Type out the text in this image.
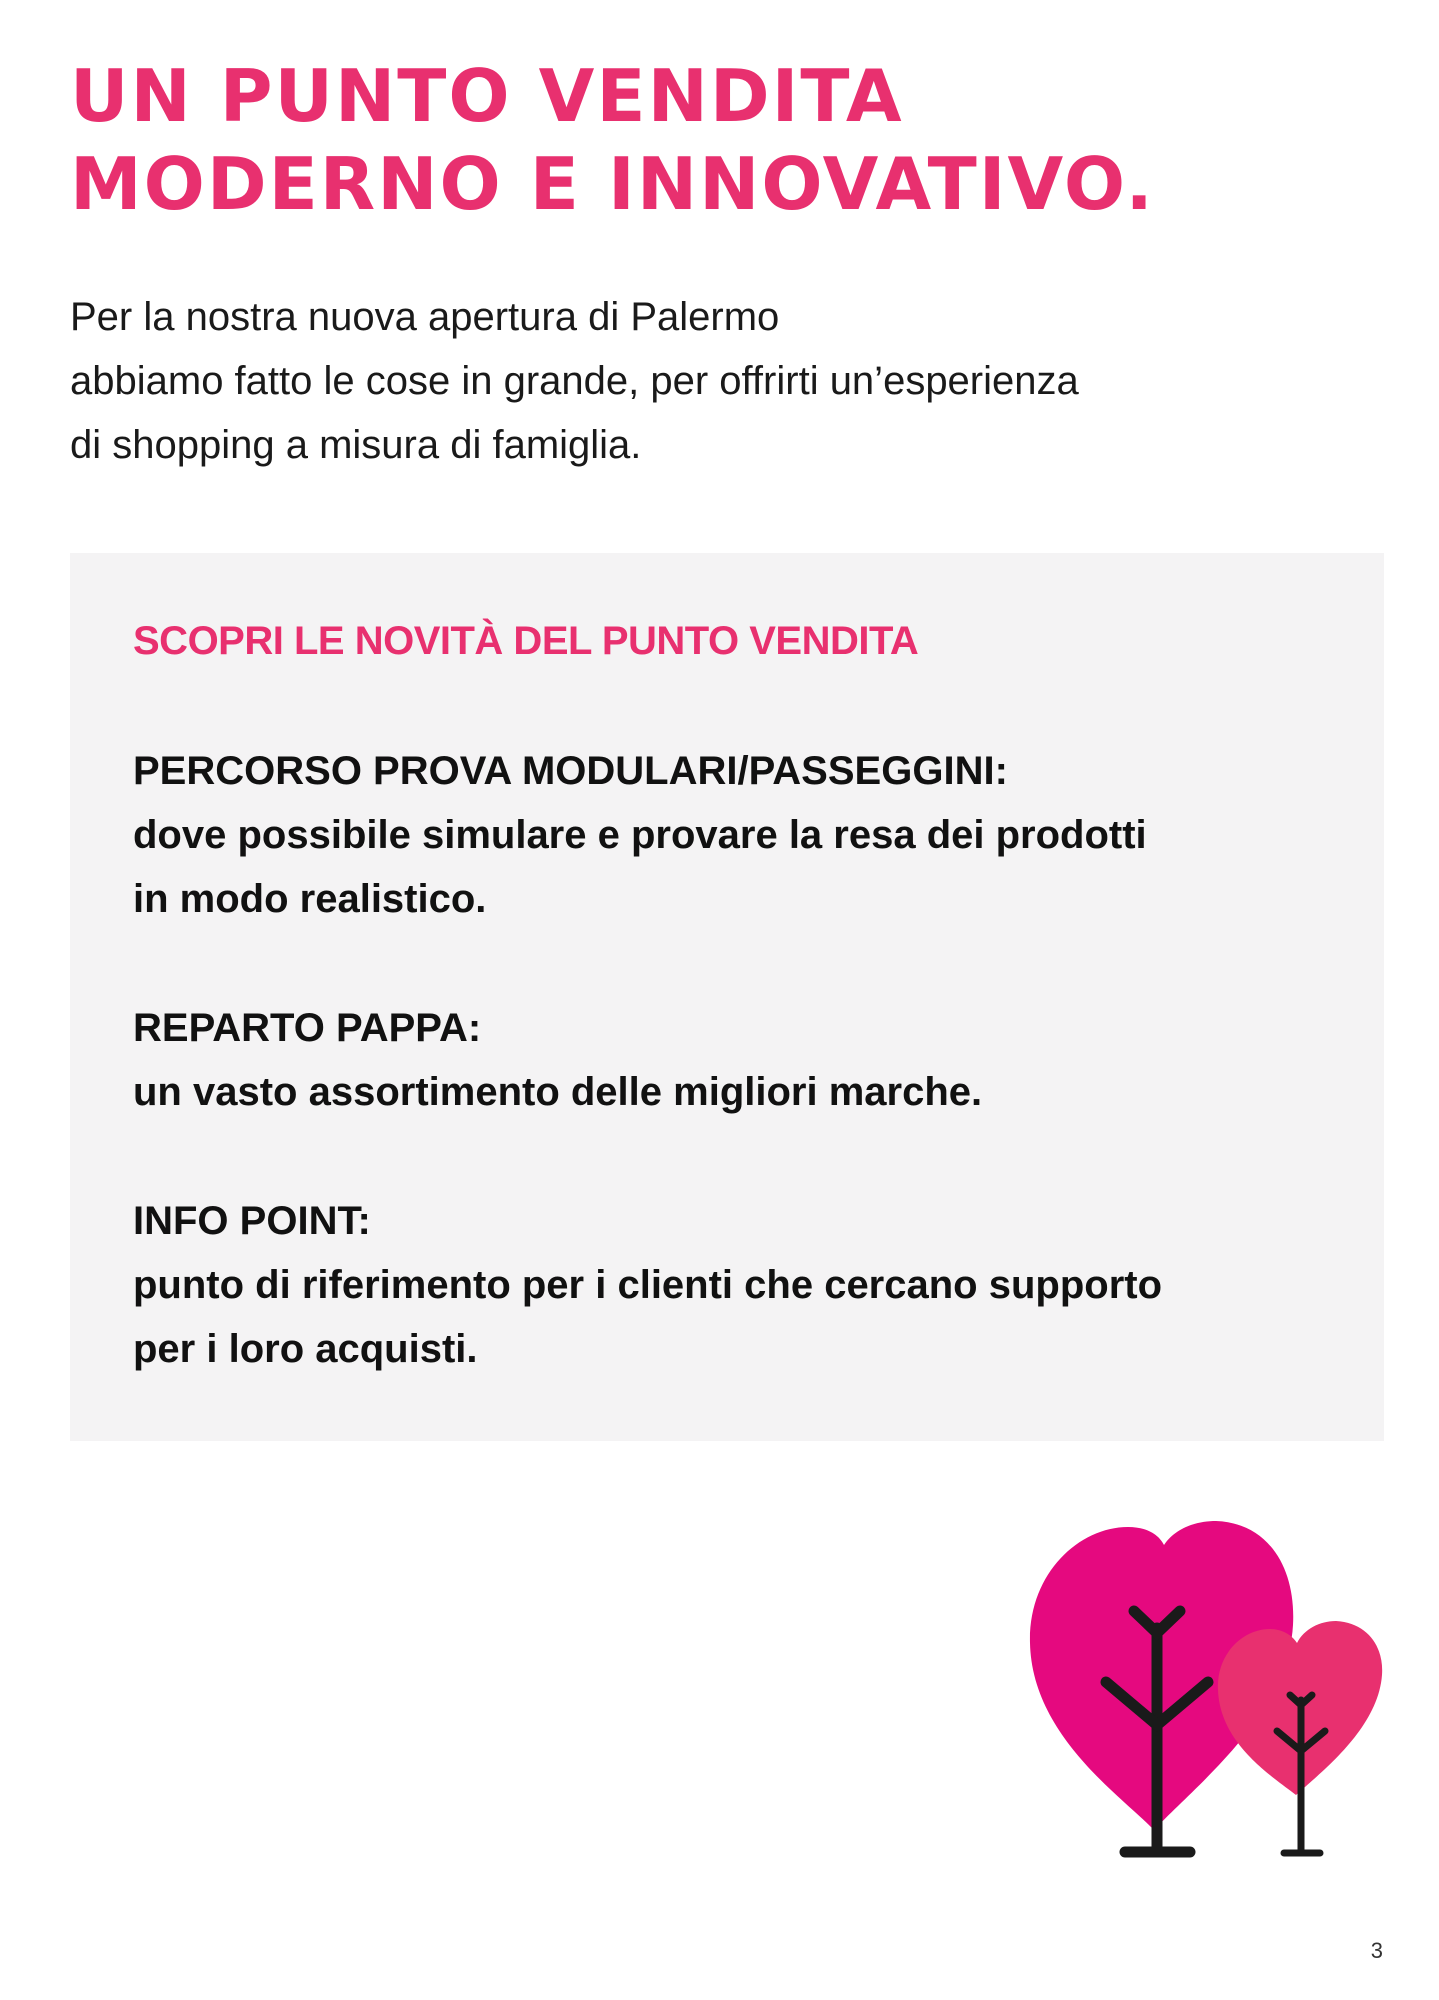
UN PUNTO VENDITA
MODERNO E INNOVATIVO.

Per la nostra nuova apertura di Palermo
abbiamo fatto le cose in grande, per offrirti un’esperienza
di shopping a misura di famiglia.

SCOPRI LE NOVITÀ DEL PUNTO VENDITA
PERCORSO PROVA MODULARI/PASSEGGINI:
dove possibile simulare e provare la resa dei prodotti
in modo realistico.
REPARTO PAPPA:
un vasto assortimento delle migliori marche.
INFO POINT:
punto di riferimento per i clienti che cercano supporto
per i loro acquisti.
3
